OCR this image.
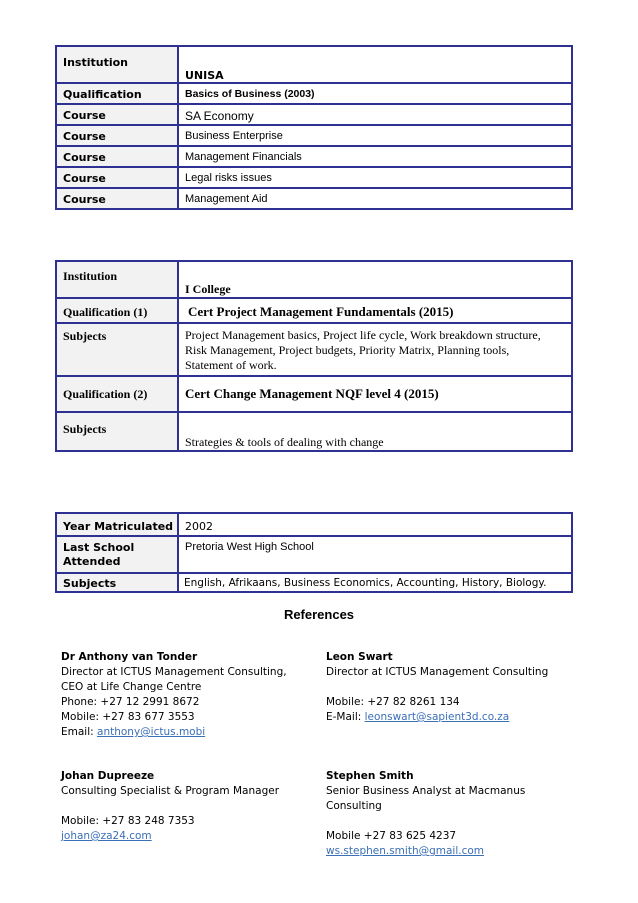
Institution	UNISA

Qualification	Basics of Business (2003)
Course	SA Economy
Course	Business Enterprise
Course	Management Financials
Course	Legal risks issues
Course	Management Aid
Institution	I College

Qualification (1)	Cert Project Management Fundamentals (2015)
Subjects	Project Management basics, Project life cycle, Work breakdown structure,
Risk Management, Project budgets, Priority Matrix, Planning tools,
Statement of work.

Qualification (2)	Cert Change Management NQF level 4 (2015)
Subjects	Strategies & tools of dealing with change
Year Matriculated	2002

Last School
Attended	Pretoria West High School
Subjects	English, Afrikaans, Business Economics, Accounting, History, Biology.
References
Dr Anthony van Tonder
Director at ICTUS Management Consulting,
CEO at Life Change Centre
Phone: +27 12 2991 8672
Mobile: +27 83 677 3553
Email: anthony@ictus.mobi
Leon Swart
Director at ICTUS Management Consulting
Mobile: +27 82 8261 134
E-Mail: leonswart@sapient3d.co.za
Johan Dupreeze
Consulting Specialist & Program Manager
Mobile: +27 83 248 7353
johan@za24.com
Stephen Smith
Senior Business Analyst at Macmanus
Consulting
Mobile +27 83 625 4237
ws.stephen.smith@gmail.com
